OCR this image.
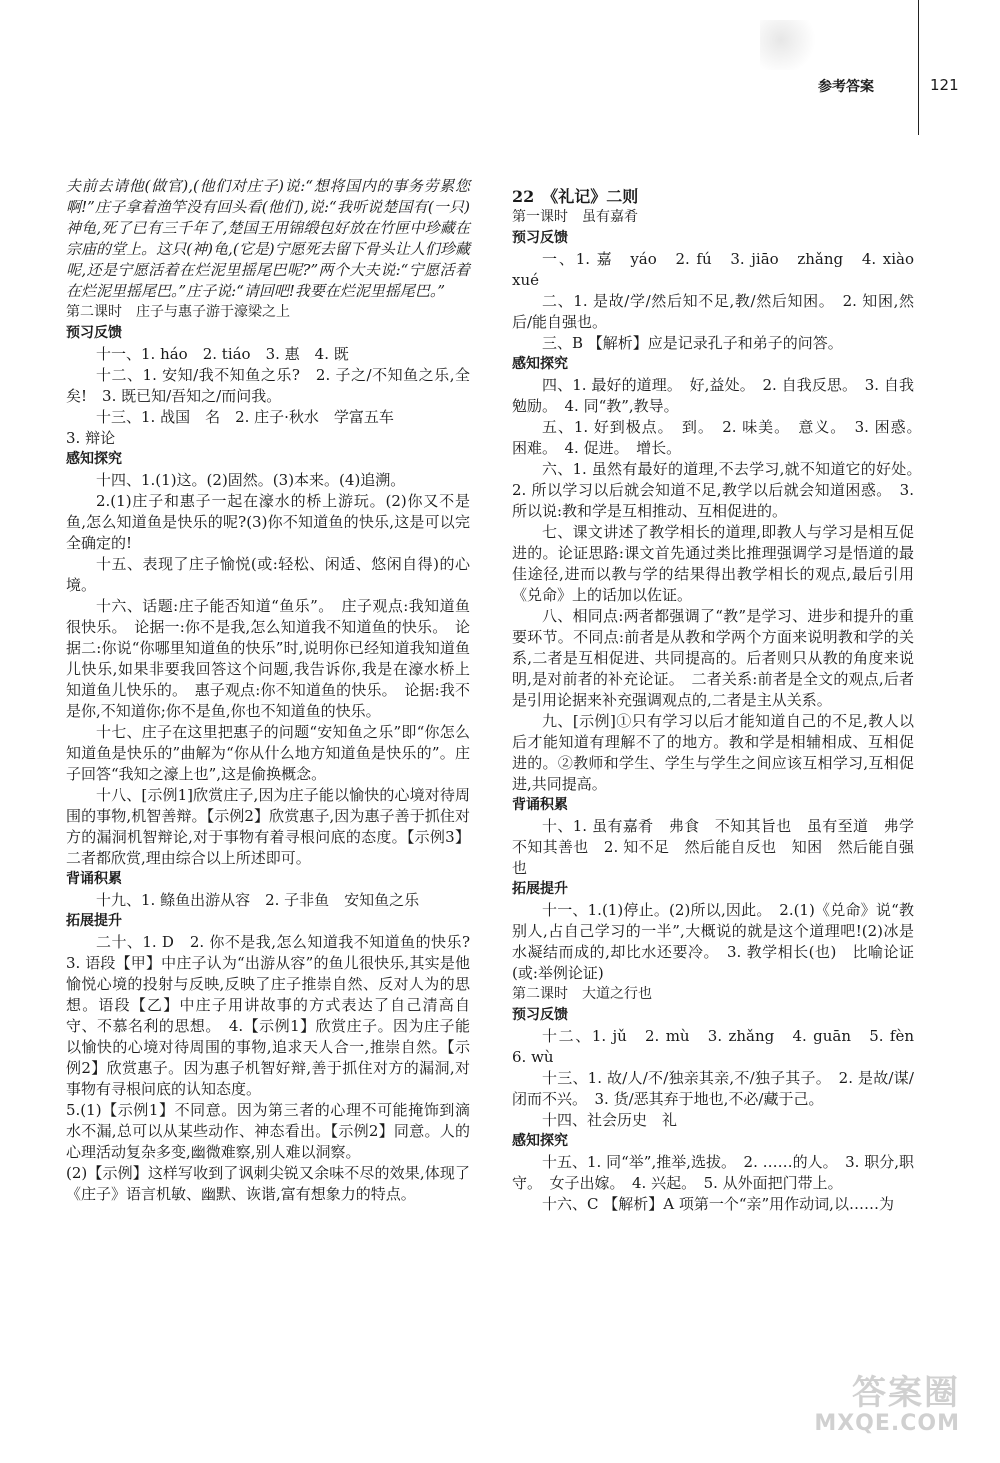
参考答案	121

夫前去请他(做官),(他们对庄子)说:“想将国内的事务劳累您啊!”庄子拿着渔竿没有回头看(他们),说:“我听说楚国有(一只)神龟,死了已有三千年了,楚国王用锦缎包好放在竹匣中珍藏在宗庙的堂上。这只(神)龟,(它是)宁愿死去留下骨头让人们珍藏呢,还是宁愿活着在烂泥里摇尾巴呢?”两个大夫说:“宁愿活着在烂泥里摇尾巴。”庄子说:“请回吧!我要在烂泥里摇尾巴。”

第二课时　庄子与惠子游于濠梁之上

预习反馈

十一、1. háo　2. tiáo　3. 惠　4. 既

十二、1. 安知/我不知鱼之乐?　2. 子之/不知鱼之乐,全矣!　3. 既已知/吾知之/而问我。

十三、1. 战国　名　2. 庄子·秋水　学富五车

3. 辩论

感知探究

十四、1.(1)这。(2)固然。(3)本来。(4)追溯。

2.(1)庄子和惠子一起在濠水的桥上游玩。(2)你又不是鱼,怎么知道鱼是快乐的呢?(3)你不知道鱼的快乐,这是可以完全确定的!

十五、表现了庄子愉悦(或:轻松、闲适、悠闲自得)的心境。

十六、话题:庄子能否知道“鱼乐”。　庄子观点:我知道鱼很快乐。　论据一:你不是我,怎么知道我不知道鱼的快乐。　论据二:你说“你哪里知道鱼的快乐”时,说明你已经知道我知道鱼儿快乐,如果非要我回答这个问题,我告诉你,我是在濠水桥上知道鱼儿快乐的。　惠子观点:你不知道鱼的快乐。　论据:我不是你,不知道你;你不是鱼,你也不知道鱼的快乐。

十七、庄子在这里把惠子的问题“安知鱼之乐”即“你怎么知道鱼是快乐的”曲解为“你从什么地方知道鱼是快乐的”。庄子回答“我知之濠上也”,这是偷换概念。

十八、[示例1]欣赏庄子,因为庄子能以愉快的心境对待周围的事物,机智善辩。【示例2】欣赏惠子,因为惠子善于抓住对方的漏洞机智辩论,对于事物有着寻根问底的态度。【示例3】二者都欣赏,理由综合以上所述即可。

背诵积累

十九、1. 鲦鱼出游从容　2. 子非鱼　安知鱼之乐

拓展提升

二十、1. D　2. 你不是我,怎么知道我不知道鱼的快乐?　3. 语段【甲】中庄子认为“出游从容”的鱼儿很快乐,其实是他愉悦心境的投射与反映,反映了庄子推崇自然、反对人为的思想。语段【乙】中庄子用讲故事的方式表达了自己清高自守、不慕名利的思想。　4.【示例1】欣赏庄子。因为庄子能以愉快的心境对待周围的事物,追求天人合一,推崇自然。【示例2】欣赏惠子。因为惠子机智好辩,善于抓住对方的漏洞,对事物有寻根问底的认知态度。

5.(1)【示例1】不同意。因为第三者的心理不可能掩饰到滴水不漏,总可以从某些动作、神态看出。【示例2】同意。人的心理活动复杂多变,幽微难察,别人难以洞察。

(2)【示例】这样写收到了讽刺尖锐又余味不尽的效果,体现了《庄子》语言机敏、幽默、诙谐,富有想象力的特点。

22　《礼记》二则

第一课时　虽有嘉肴

预习反馈

一、1. 嘉　yáo　2. fú　3. jiāo　zhǎng　4. xiào　xué

二、1. 是故/学/然后知不足,教/然后知困。　2. 知困,然后/能自强也。

三、B 【解析】应是记录孔子和弟子的问答。

感知探究

四、1. 最好的道理。　好,益处。　2. 自我反思。　3. 自我勉励。　4. 同“教”,教导。

五、1. 好到极点。　到。　2. 味美。　意义。　3. 困惑。　困难。　4. 促进。　增长。

六、1. 虽然有最好的道理,不去学习,就不知道它的好处。　2. 所以学习以后就会知道不足,教学以后就会知道困惑。　3. 所以说:教和学是互相推动、互相促进的。

七、课文讲述了教学相长的道理,即教人与学习是相互促进的。论证思路:课文首先通过类比推理强调学习是悟道的最佳途径,进而以教与学的结果得出教学相长的观点,最后引用《兑命》上的话加以佐证。

八、相同点:两者都强调了“教”是学习、进步和提升的重要环节。不同点:前者是从教和学两个方面来说明教和学的关系,二者是互相促进、共同提高的。后者则只从教的角度来说明,是对前者的补充论证。　二者关系:前者是全文的观点,后者是引用论据来补充强调观点的,二者是主从关系。

九、[示例]①只有学习以后才能知道自己的不足,教人以后才能知道有理解不了的地方。教和学是相辅相成、互相促进的。②教师和学生、学生与学生之间应该互相学习,互相促进,共同提高。

背诵积累

十、1. 虽有嘉肴　弗食　不知其旨也　虽有至道　弗学　不知其善也　2. 知不足　然后能自反也　知困　然后能自强也

拓展提升

十一、1.(1)停止。(2)所以,因此。　2.(1)《兑命》说“教别人,占自己学习的一半”,大概说的就是这个道理吧!(2)冰是水凝结而成的,却比水还要冷。　3. 教学相长(也)　比喻论证(或:举例论证)

第二课时　大道之行也

预习反馈

十二、1. jǔ　2. mù　3. zhǎng　4. guān　5. fèn　6. wù

十三、1. 故/人/不/独亲其亲,不/独子其子。　2. 是故/谋/闭而不兴。　3. 货/恶其弃于地也,不必/藏于己。

十四、社会历史　礼

感知探究

十五、1. 同“举”,推举,选拔。　2. ……的人。　3. 职分,职守。　女子出嫁。　4. 兴起。　5. 从外面把门带上。

十六、C 【解析】A 项第一个“亲”用作动词,以……为

答案圈
MXQE.COM
